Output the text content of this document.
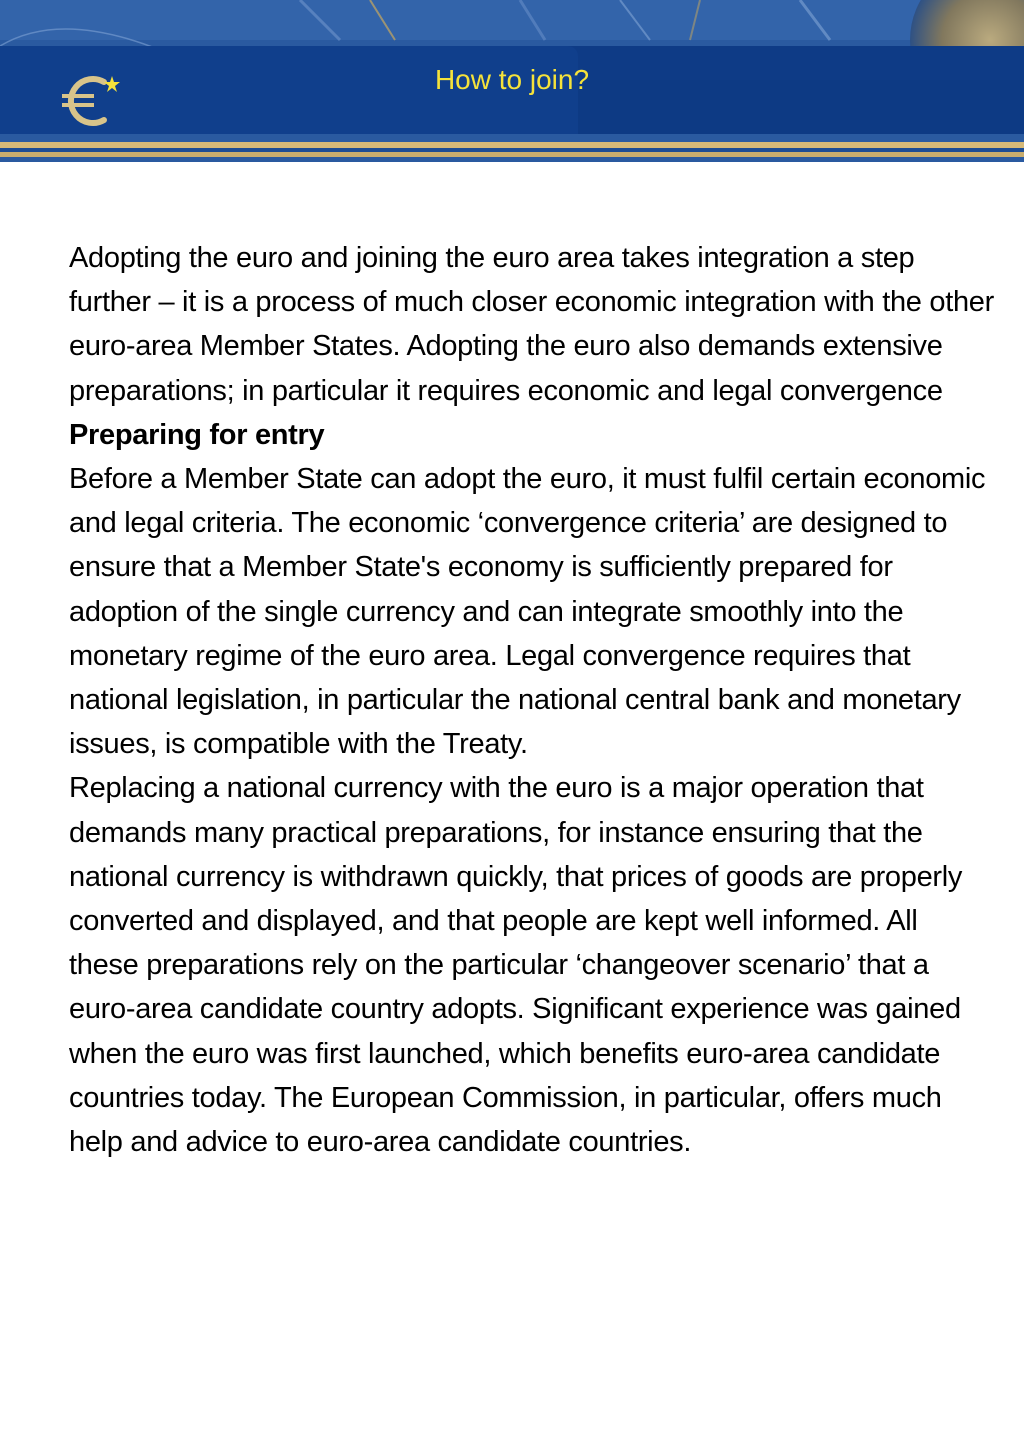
How to join?

Adopting the euro and joining the euro area takes integration a step further – it is a process of much closer economic integration with the other euro-area Member States. Adopting the euro also demands extensive preparations; in particular it requires economic and legal convergence

Preparing for entry

Before a Member State can adopt the euro, it must fulfil certain economic and legal criteria. The economic ‘convergence criteria’ are designed to ensure that a Member State's economy is sufficiently prepared for adoption of the single currency and can integrate smoothly into the monetary regime of the euro area. Legal convergence requires that national legislation, in particular the national central bank and monetary issues, is compatible with the Treaty.

Replacing a national currency with the euro is a major operation that demands many practical preparations, for instance ensuring that the national currency is withdrawn quickly, that prices of goods are properly converted and displayed, and that people are kept well informed. All these preparations rely on the particular ‘changeover scenario’ that a euro-area candidate country adopts. Significant experience was gained when the euro was first launched, which benefits euro-area candidate countries today. The European Commission, in particular, offers much help and advice to euro-area candidate countries.
